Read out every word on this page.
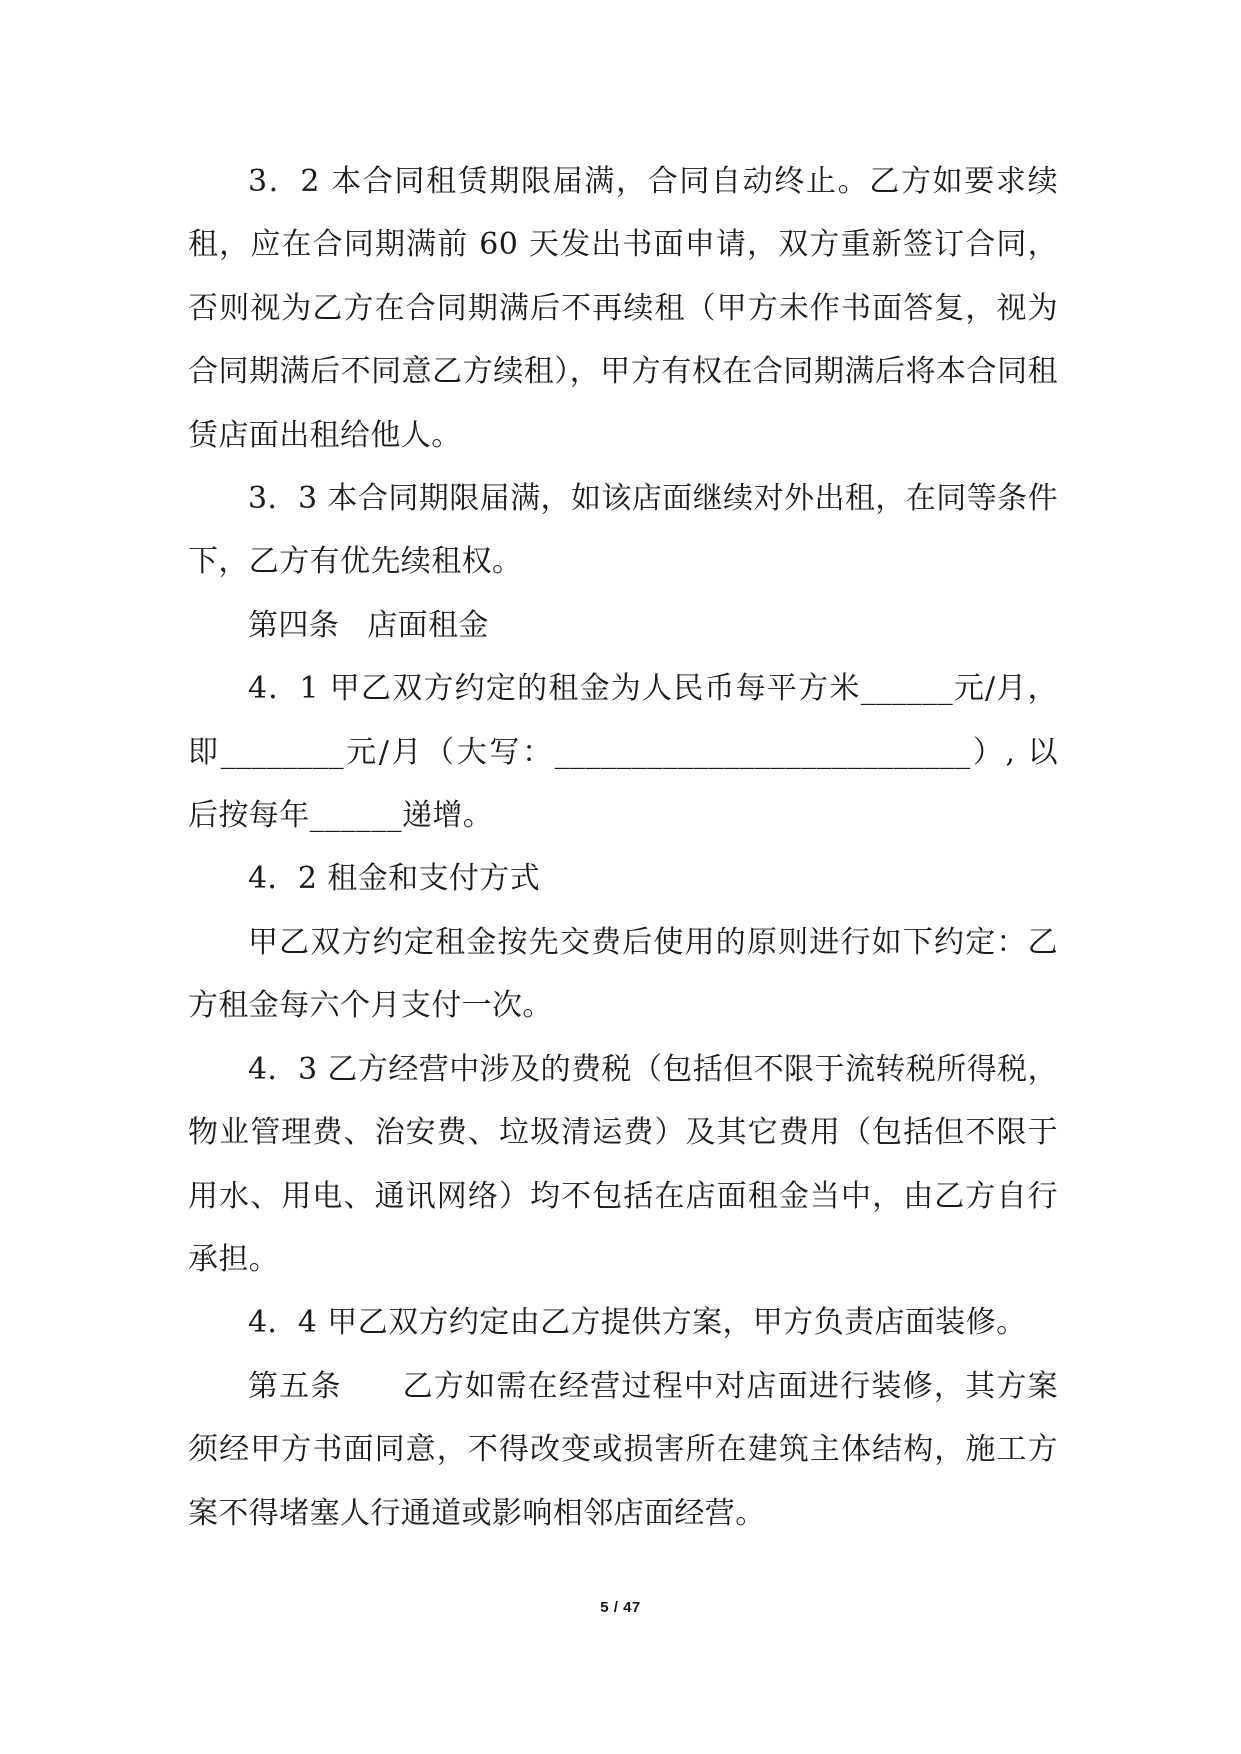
3．2 本合同租赁期限届满，合同自动终止。乙方如要求续租，应在合同期满前 60 天发出书面申请，双方重新签订合同，否则视为乙方在合同期满后不再续租（甲方未作书面答复，视为合同期满后不同意乙方续租），甲方有权在合同期满后将本合同租赁店面出租给他人。

3．3 本合同期限届满，如该店面继续对外出租，在同等条件下，乙方有优先续租权。

第四条 店面租金

4．1 甲乙双方约定的租金为人民币每平方米______元/月，即________元/月（大写：___________________________）, 以后按每年______递增。

4．2 租金和支付方式

甲乙双方约定租金按先交费后使用的原则进行如下约定：乙方租金每六个月支付一次。

4．3 乙方经营中涉及的费税（包括但不限于流转税所得税，物业管理费、治安费、垃圾清运费）及其它费用（包括但不限于用水、用电、通讯网络）均不包括在店面租金当中，由乙方自行承担。

4．4 甲乙双方约定由乙方提供方案，甲方负责店面装修。

第五条 乙方如需在经营过程中对店面进行装修，其方案须经甲方书面同意，不得改变或损害所在建筑主体结构，施工方案不得堵塞人行通道或影响相邻店面经营。

5 / 47
